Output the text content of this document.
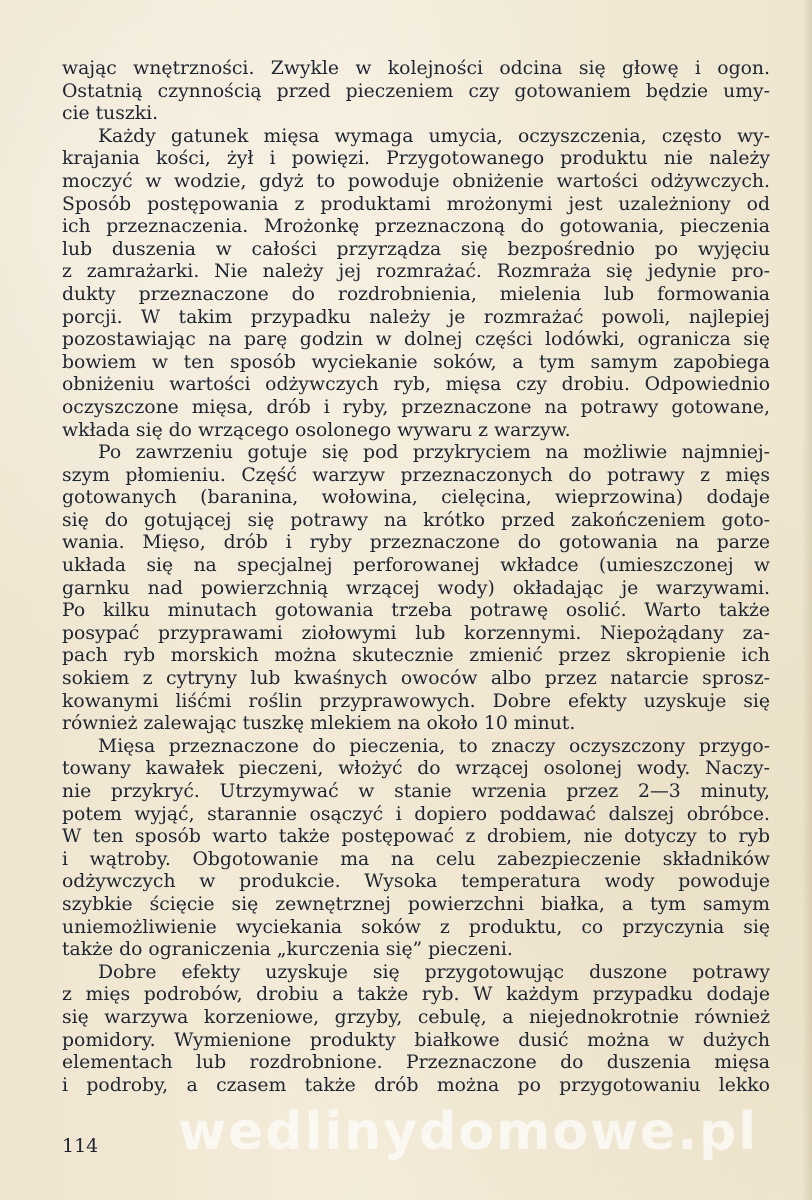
wając wnętrzności. Zwykle w kolejności odcina się głowę i ogon.
Ostatnią czynnością przed pieczeniem czy gotowaniem będzie umy-
cie tuszki.
Każdy gatunek mięsa wymaga umycia, oczyszczenia, często wy-
krajania kości, żył i powięzi. Przygotowanego produktu nie należy
moczyć w wodzie, gdyż to powoduje obniżenie wartości odżywczych.
Sposób postępowania z produktami mrożonymi jest uzależniony od
ich przeznaczenia. Mrożonkę przeznaczoną do gotowania, pieczenia
lub duszenia w całości przyrządza się bezpośrednio po wyjęciu
z zamrażarki. Nie należy jej rozmrażać. Rozmraża się jedynie pro-
dukty przeznaczone do rozdrobnienia, mielenia lub formowania
porcji. W takim przypadku należy je rozmrażać powoli, najlepiej
pozostawiając na parę godzin w dolnej części lodówki, ogranicza się
bowiem w ten sposób wyciekanie soków, a tym samym zapobiega
obniżeniu wartości odżywczych ryb, mięsa czy drobiu. Odpowiednio
oczyszczone mięsa, drób i ryby, przeznaczone na potrawy gotowane,
wkłada się do wrzącego osolonego wywaru z warzyw.
Po zawrzeniu gotuje się pod przykryciem na możliwie najmniej-
szym płomieniu. Część warzyw przeznaczonych do potrawy z mięs
gotowanych (baranina, wołowina, cielęcina, wieprzowina) dodaje
się do gotującej się potrawy na krótko przed zakończeniem goto-
wania. Mięso, drób i ryby przeznaczone do gotowania na parze
układa się na specjalnej perforowanej wkładce (umieszczonej w
garnku nad powierzchnią wrzącej wody) okładając je warzywami.
Po kilku minutach gotowania trzeba potrawę osolić. Warto także
posypać przyprawami ziołowymi lub korzennymi. Niepożądany za-
pach ryb morskich można skutecznie zmienić przez skropienie ich
sokiem z cytryny lub kwaśnych owoców albo przez natarcie sprosz-
kowanymi liśćmi roślin przyprawowych. Dobre efekty uzyskuje się
również zalewając tuszkę mlekiem na około 10 minut.
Mięsa przeznaczone do pieczenia, to znaczy oczyszczony przygo-
towany kawałek pieczeni, włożyć do wrzącej osolonej wody. Naczy-
nie przykryć. Utrzymywać w stanie wrzenia przez 2—3 minuty,
potem wyjąć, starannie osączyć i dopiero poddawać dalszej obróbce.
W ten sposób warto także postępować z drobiem, nie dotyczy to ryb
i wątroby. Obgotowanie ma na celu zabezpieczenie składników
odżywczych w produkcie. Wysoka temperatura wody powoduje
szybkie ścięcie się zewnętrznej powierzchni białka, a tym samym
uniemożliwienie wyciekania soków z produktu, co przyczynia się
także do ograniczenia „kurczenia się” pieczeni.
Dobre efekty uzyskuje się przygotowując duszone potrawy
z mięs podrobów, drobiu a także ryb. W każdym przypadku dodaje
się warzywa korzeniowe, grzyby, cebulę, a niejednokrotnie również
pomidory. Wymienione produkty białkowe dusić można w dużych
elementach lub rozdrobnione. Przeznaczone do duszenia mięsa
i podroby, a czasem także drób można po przygotowaniu lekko
wedlinydomowe.pl
114
